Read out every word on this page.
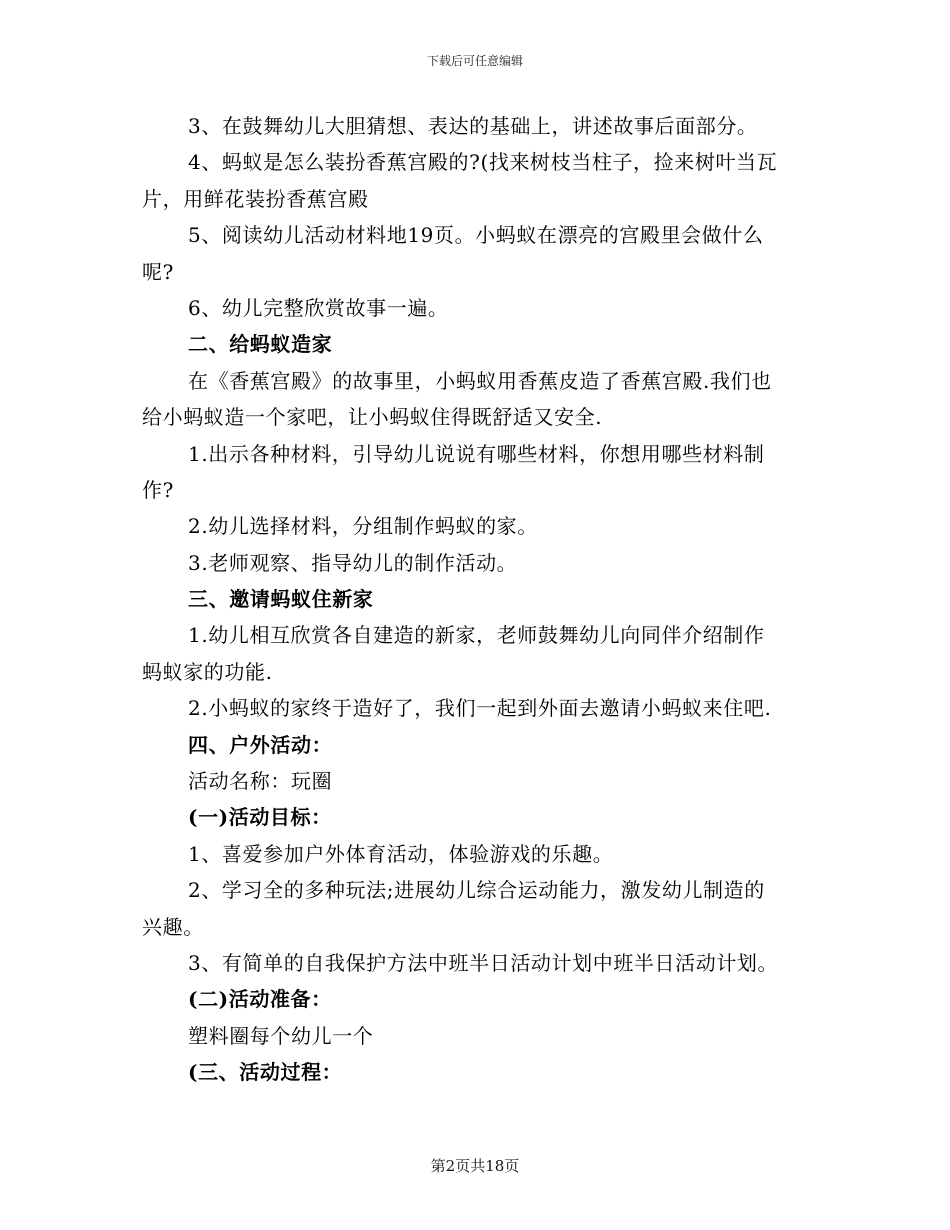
下载后可任意编辑
3、在鼓舞幼儿大胆猜想、表达的基础上，讲述故事后面部分。
4、蚂蚁是怎么装扮香蕉宫殿的?(找来树枝当柱子，捡来树叶当瓦
片，用鲜花装扮香蕉宫殿
5、阅读幼儿活动材料地19页。小蚂蚁在漂亮的宫殿里会做什么
呢?
6、幼儿完整欣赏故事一遍。
二、给蚂蚁造家
在《香蕉宫殿》的故事里，小蚂蚁用香蕉皮造了香蕉宫殿.我们也
给小蚂蚁造一个家吧，让小蚂蚁住得既舒适又安全.
1.出示各种材料，引导幼儿说说有哪些材料，你想用哪些材料制
作?
2.幼儿选择材料，分组制作蚂蚁的家。
3.老师观察、指导幼儿的制作活动。
三、邀请蚂蚁住新家
1.幼儿相互欣赏各自建造的新家，老师鼓舞幼儿向同伴介绍制作
蚂蚁家的功能.
2.小蚂蚁的家终于造好了，我们一起到外面去邀请小蚂蚁来住吧.
四、户外活动：
活动名称：玩圈
(一)活动目标：
1、喜爱参加户外体育活动，体验游戏的乐趣。
2、学习全的多种玩法;进展幼儿综合运动能力，激发幼儿制造的
兴趣。
3、有简单的自我保护方法中班半日活动计划中班半日活动计划。
(二)活动准备：
塑料圈每个幼儿一个
(三、活动过程：
第2页共18页
